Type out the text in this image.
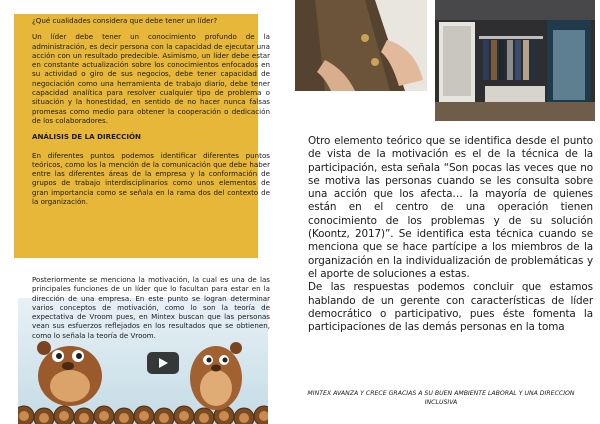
¿Qué cualidades considera que debe tener un líder?

Un líder debe tener un conocimiento profundo de la administración, es decir persona con la capacidad de ejecutar una acción con un resultado predecible. Asimismo, un líder debe estar en constante actualización sobre los conocimientos enfocados en su actividad o giro de sus negocios, debe tener capacidad de negociación como una herramienta de trabajo diario, debe tener capacidad analítica para resolver cualquier tipo de problema o situación y la honestidad, en sentido de no hacer nunca falsas promesas como medio para obtener la cooperación o dedicación de los colaboradores.

ANÁLISIS DE LA DIRECCIÓN

En diferentes puntos podemos identificar diferentes puntos teóricos, como los la mención de la comunicación que debe haber entre las diferentes áreas de la empresa y la conformación de grupos de trabajo interdisciplinarios como unos elementos de gran importancia como se señala en la rama dos del contexto de la organización.

Posteriormente se menciona la motivación, la cual es una de las principales funciones de un líder que lo facultan para estar en la dirección de una empresa. En este punto se logran determinar varios conceptos de motivación, como lo son la teoría de expectativa de Vroom pues, en Mintex buscan que las personas vean sus esfuerzos reflejados en los resultados que se obtienen, como lo señala la teoría de Vroom.

Otro elemento teórico que se identifica desde el punto de vista de la motivación es el de la técnica de la participación, esta señala “Son pocas las veces que no se motiva las personas cuando se les consulta sobre una acción que los afecta… la mayoría de quienes están en el centro de una operación tienen conocimiento de los problemas y de su solución (Koontz, 2017)”. Se identifica esta técnica cuando se menciona que se hace partícipe a los miembros de la organización en la individualización de problemáticas y el aporte de soluciones a estas.

De las respuestas podemos concluir que estamos hablando de un gerente con características de líder democrático o participativo, pues éste fomenta la participaciones de las demás personas en la toma

MINTEX AVANZA Y CRECE GRACIAS A SU BUEN AMBIENTE LABORAL Y UNA DIRECCION INCLUSIVA
